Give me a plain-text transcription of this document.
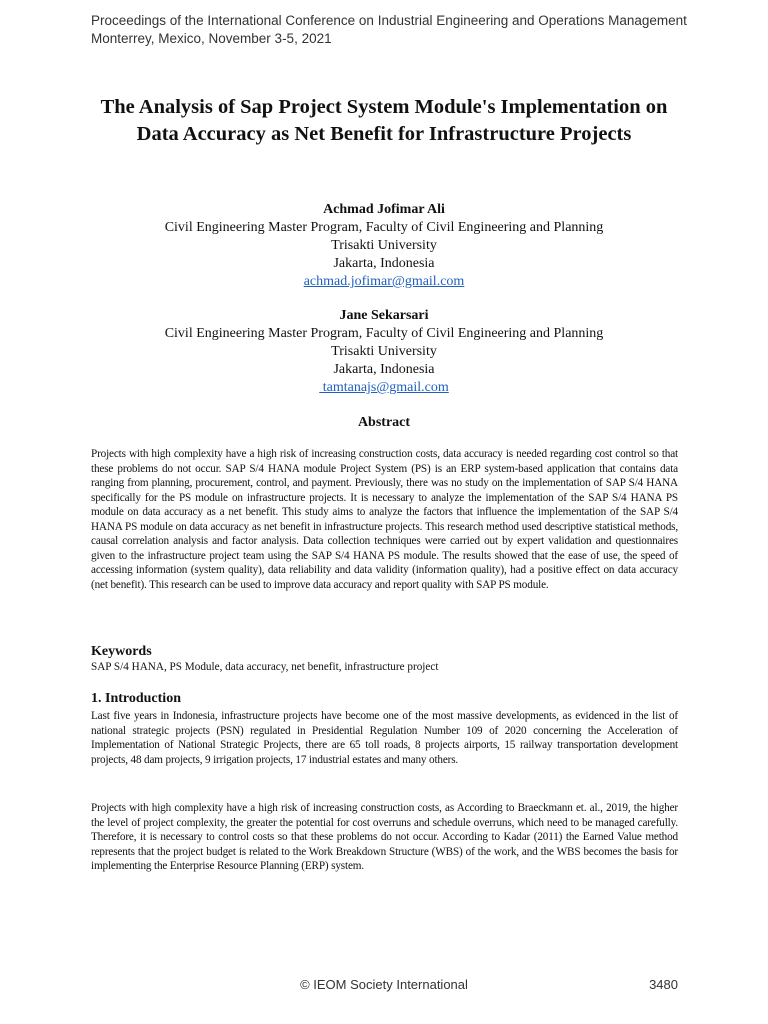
Proceedings of the International Conference on Industrial Engineering and Operations Management
Monterrey, Mexico, November 3-5, 2021
The Analysis of Sap Project System Module's Implementation on Data Accuracy as Net Benefit for Infrastructure Projects
Achmad Jofimar Ali
Civil Engineering Master Program, Faculty of Civil Engineering and Planning
Trisakti University
Jakarta, Indonesia
achmad.jofimar@gmail.com
Jane Sekarsari
Civil Engineering Master Program, Faculty of Civil Engineering and Planning
Trisakti University
Jakarta, Indonesia
tamtanajs@gmail.com
Abstract
Projects with high complexity have a high risk of increasing construction costs, data accuracy is needed regarding cost control so that these problems do not occur. SAP S/4 HANA module Project System (PS) is an ERP system-based application that contains data ranging from planning, procurement, control, and payment. Previously, there was no study on the implementation of SAP S/4 HANA specifically for the PS module on infrastructure projects. It is necessary to analyze the implementation of the SAP S/4 HANA PS module on data accuracy as a net benefit. This study aims to analyze the factors that influence the implementation of the SAP S/4 HANA PS module on data accuracy as net benefit in infrastructure projects. This research method used descriptive statistical methods, causal correlation analysis and factor analysis. Data collection techniques were carried out by expert validation and questionnaires given to the infrastructure project team using the SAP S/4 HANA PS module. The results showed that the ease of use, the speed of accessing information (system quality), data reliability and data validity (information quality), had a positive effect on data accuracy (net benefit). This research can be used to improve data accuracy and report quality with SAP PS module.
Keywords
SAP S/4 HANA, PS Module, data accuracy, net benefit, infrastructure project
1. Introduction
Last five years in Indonesia, infrastructure projects have become one of the most massive developments, as evidenced in the list of national strategic projects (PSN) regulated in Presidential Regulation Number 109 of 2020 concerning the Acceleration of Implementation of National Strategic Projects, there are 65 toll roads, 8 projects airports, 15 railway transportation development projects, 48 dam projects, 9 irrigation projects, 17 industrial estates and many others.
Projects with high complexity have a high risk of increasing construction costs, as According to Braeckmann et. al., 2019, the higher the level of project complexity, the greater the potential for cost overruns and schedule overruns, which need to be managed carefully. Therefore, it is necessary to control costs so that these problems do not occur. According to Kadar (2011) the Earned Value method represents that the project budget is related to the Work Breakdown Structure (WBS) of the work, and the WBS becomes the basis for implementing the Enterprise Resource Planning (ERP) system.
© IEOM Society International	3480
